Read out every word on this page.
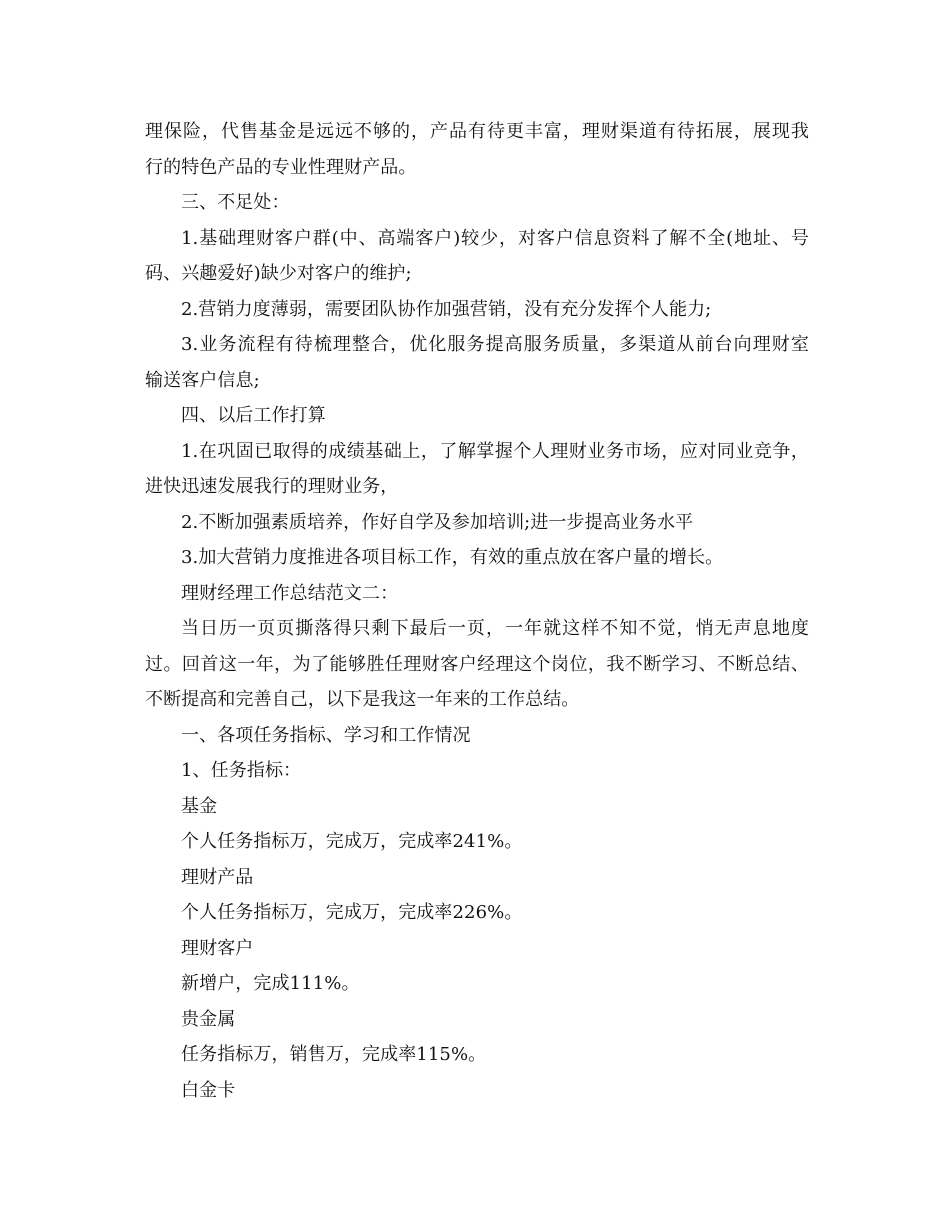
理保险，代售基金是远远不够的，产品有待更丰富，理财渠道有待拓展，展现我
行的特色产品的专业性理财产品。
三、不足处：
1.基础理财客户群(中、高端客户)较少，对客户信息资料了解不全(地址、号
码、兴趣爱好)缺少对客户的维护;
2.营销力度薄弱，需要团队协作加强营销，没有充分发挥个人能力;
3.业务流程有待梳理整合，优化服务提高服务质量，多渠道从前台向理财室
输送客户信息;
四、以后工作打算
1.在巩固已取得的成绩基础上，了解掌握个人理财业务市场，应对同业竞争，
进快迅速发展我行的理财业务，
2.不断加强素质培养，作好自学及参加培训;进一步提高业务水平
3.加大营销力度推进各项目标工作，有效的重点放在客户量的增长。
理财经理工作总结范文二：
当日历一页页撕落得只剩下最后一页，一年就这样不知不觉，悄无声息地度
过。回首这一年，为了能够胜任理财客户经理这个岗位，我不断学习、不断总结、
不断提高和完善自己，以下是我这一年来的工作总结。
一、各项任务指标、学习和工作情况
1、任务指标：
基金
个人任务指标万，完成万，完成率241%。
理财产品
个人任务指标万，完成万，完成率226%。
理财客户
新增户，完成111%。
贵金属
任务指标万，销售万，完成率115%。
白金卡
